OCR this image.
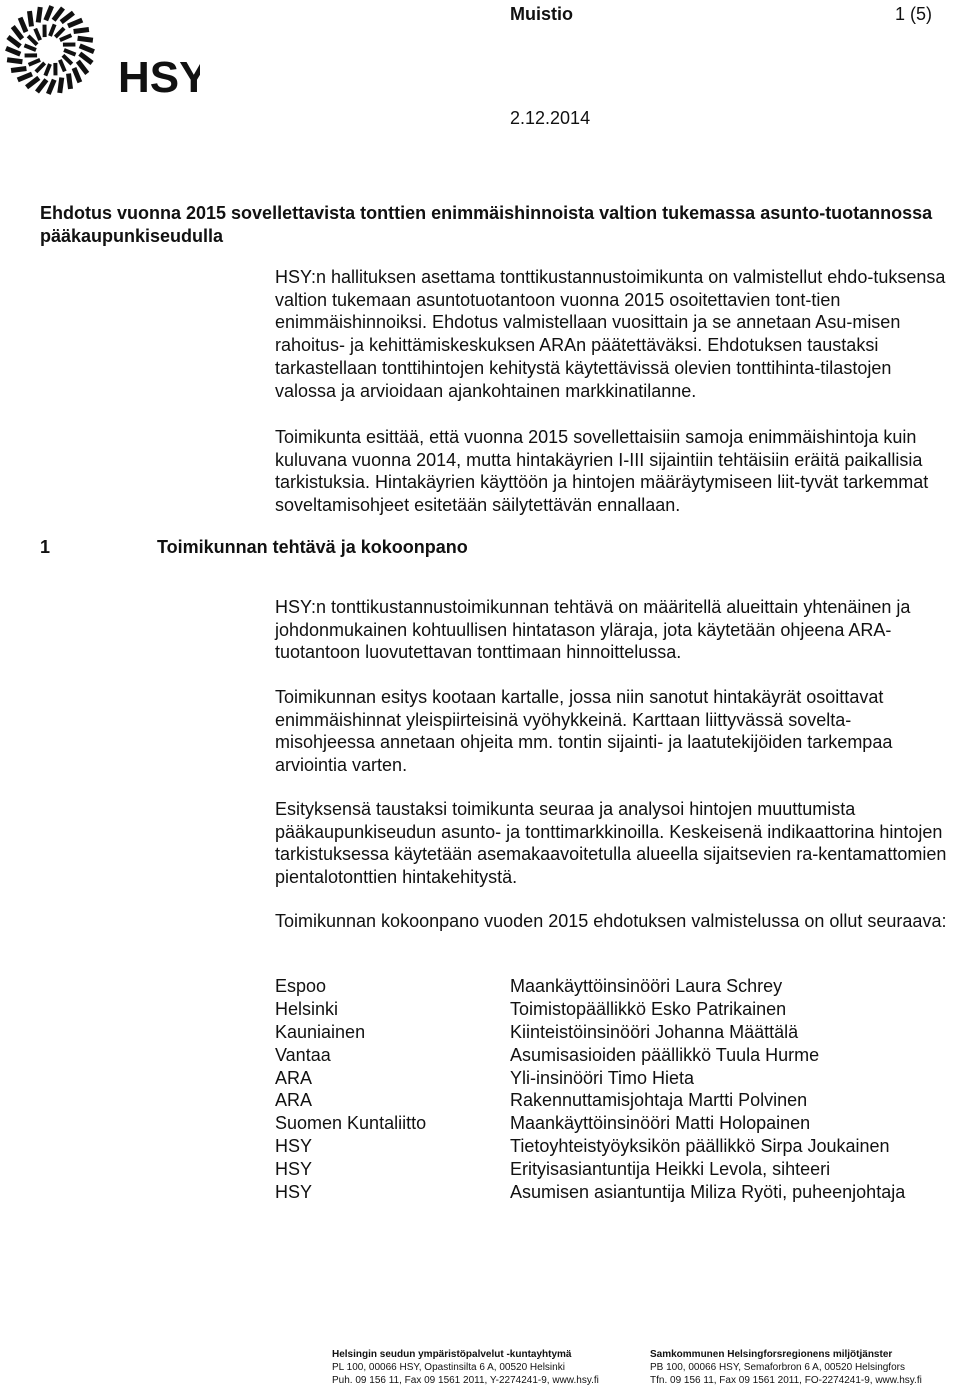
HSY
Muistio	1 (5)
2.12.2014
Ehdotus vuonna 2015 sovellettavista tonttien enimmäishinnoista valtion tukemassa asunto-tuotannossa pääkaupunkiseudulla

HSY:n hallituksen asettama tonttikustannustoimikunta on valmistellut ehdo-tuksensa valtion tukemaan asuntotuotantoon vuonna 2015 osoitettavien tont-tien enimmäishinnoiksi. Ehdotus valmistellaan vuosittain ja se annetaan Asu-misen rahoitus- ja kehittämiskeskuksen ARAn päätettäväksi. Ehdotuksen taustaksi tarkastellaan tonttihintojen kehitystä käytettävissä olevien tonttihinta-tilastojen valossa ja arvioidaan ajankohtainen markkinatilanne.

Toimikunta esittää, että vuonna 2015 sovellettaisiin samoja enimmäishintoja kuin kuluvana vuonna 2014, mutta hintakäyrien I-III sijaintiin tehtäisiin eräitä paikallisia tarkistuksia. Hintakäyrien käyttöön ja hintojen määräytymiseen liit-tyvät tarkemmat soveltamisohjeet esitetään säilytettävän ennallaan.

1	Toimikunnan tehtävä ja kokoonpano

HSY:n tonttikustannustoimikunnan tehtävä on määritellä alueittain yhtenäinen ja johdonmukainen kohtuullisen hintatason yläraja, jota käytetään ohjeena ARA-tuotantoon luovutettavan tonttimaan hinnoittelussa.

Toimikunnan esitys kootaan kartalle, jossa niin sanotut hintakäyrät osoittavat enimmäishinnat yleispiirteisinä vyöhykkeinä. Karttaan liittyvässä sovelta-misohjeessa annetaan ohjeita mm. tontin sijainti- ja laatutekijöiden tarkempaa arviointia varten.

Esityksensä taustaksi toimikunta seuraa ja analysoi hintojen muuttumista pääkaupunkiseudun asunto- ja tonttimarkkinoilla. Keskeisenä indikaattorina hintojen tarkistuksessa käytetään asemakaavoitetulla alueella sijaitsevien ra-kentamattomien pientalotonttien hintakehitystä.

Toimikunnan kokoonpano vuoden 2015 ehdotuksen valmistelussa on ollut seuraava:

Espoo	Maankäyttöinsinööri Laura Schrey
Helsinki	Toimistopäällikkö Esko Patrikainen
Kauniainen	Kiinteistöinsinööri Johanna Määttälä
Vantaa	Asumisasioiden päällikkö Tuula Hurme
ARA	Yli-insinööri Timo Hieta
ARA	Rakennuttamisjohtaja Martti Polvinen
Suomen Kuntaliitto	Maankäyttöinsinööri Matti Holopainen
HSY	Tietoyhteistyöyksikön päällikkö Sirpa Joukainen
HSY	Erityisasiantuntija Heikki Levola, sihteeri
HSY	Asumisen asiantuntija Miliza Ryöti, puheenjohtaja
Helsingin seudun ympäristöpalvelut -kuntayhtymä
PL 100, 00066 HSY, Opastinsilta 6 A, 00520 Helsinki
Puh. 09 156 11, Fax 09 1561 2011, Y-2274241-9, www.hsy.fi
Samkommunen Helsingforsregionens miljötjänster
PB 100, 00066 HSY, Semaforbron 6 A, 00520 Helsingfors
Tfn. 09 156 11, Fax 09 1561 2011, FO-2274241-9, www.hsy.fi
